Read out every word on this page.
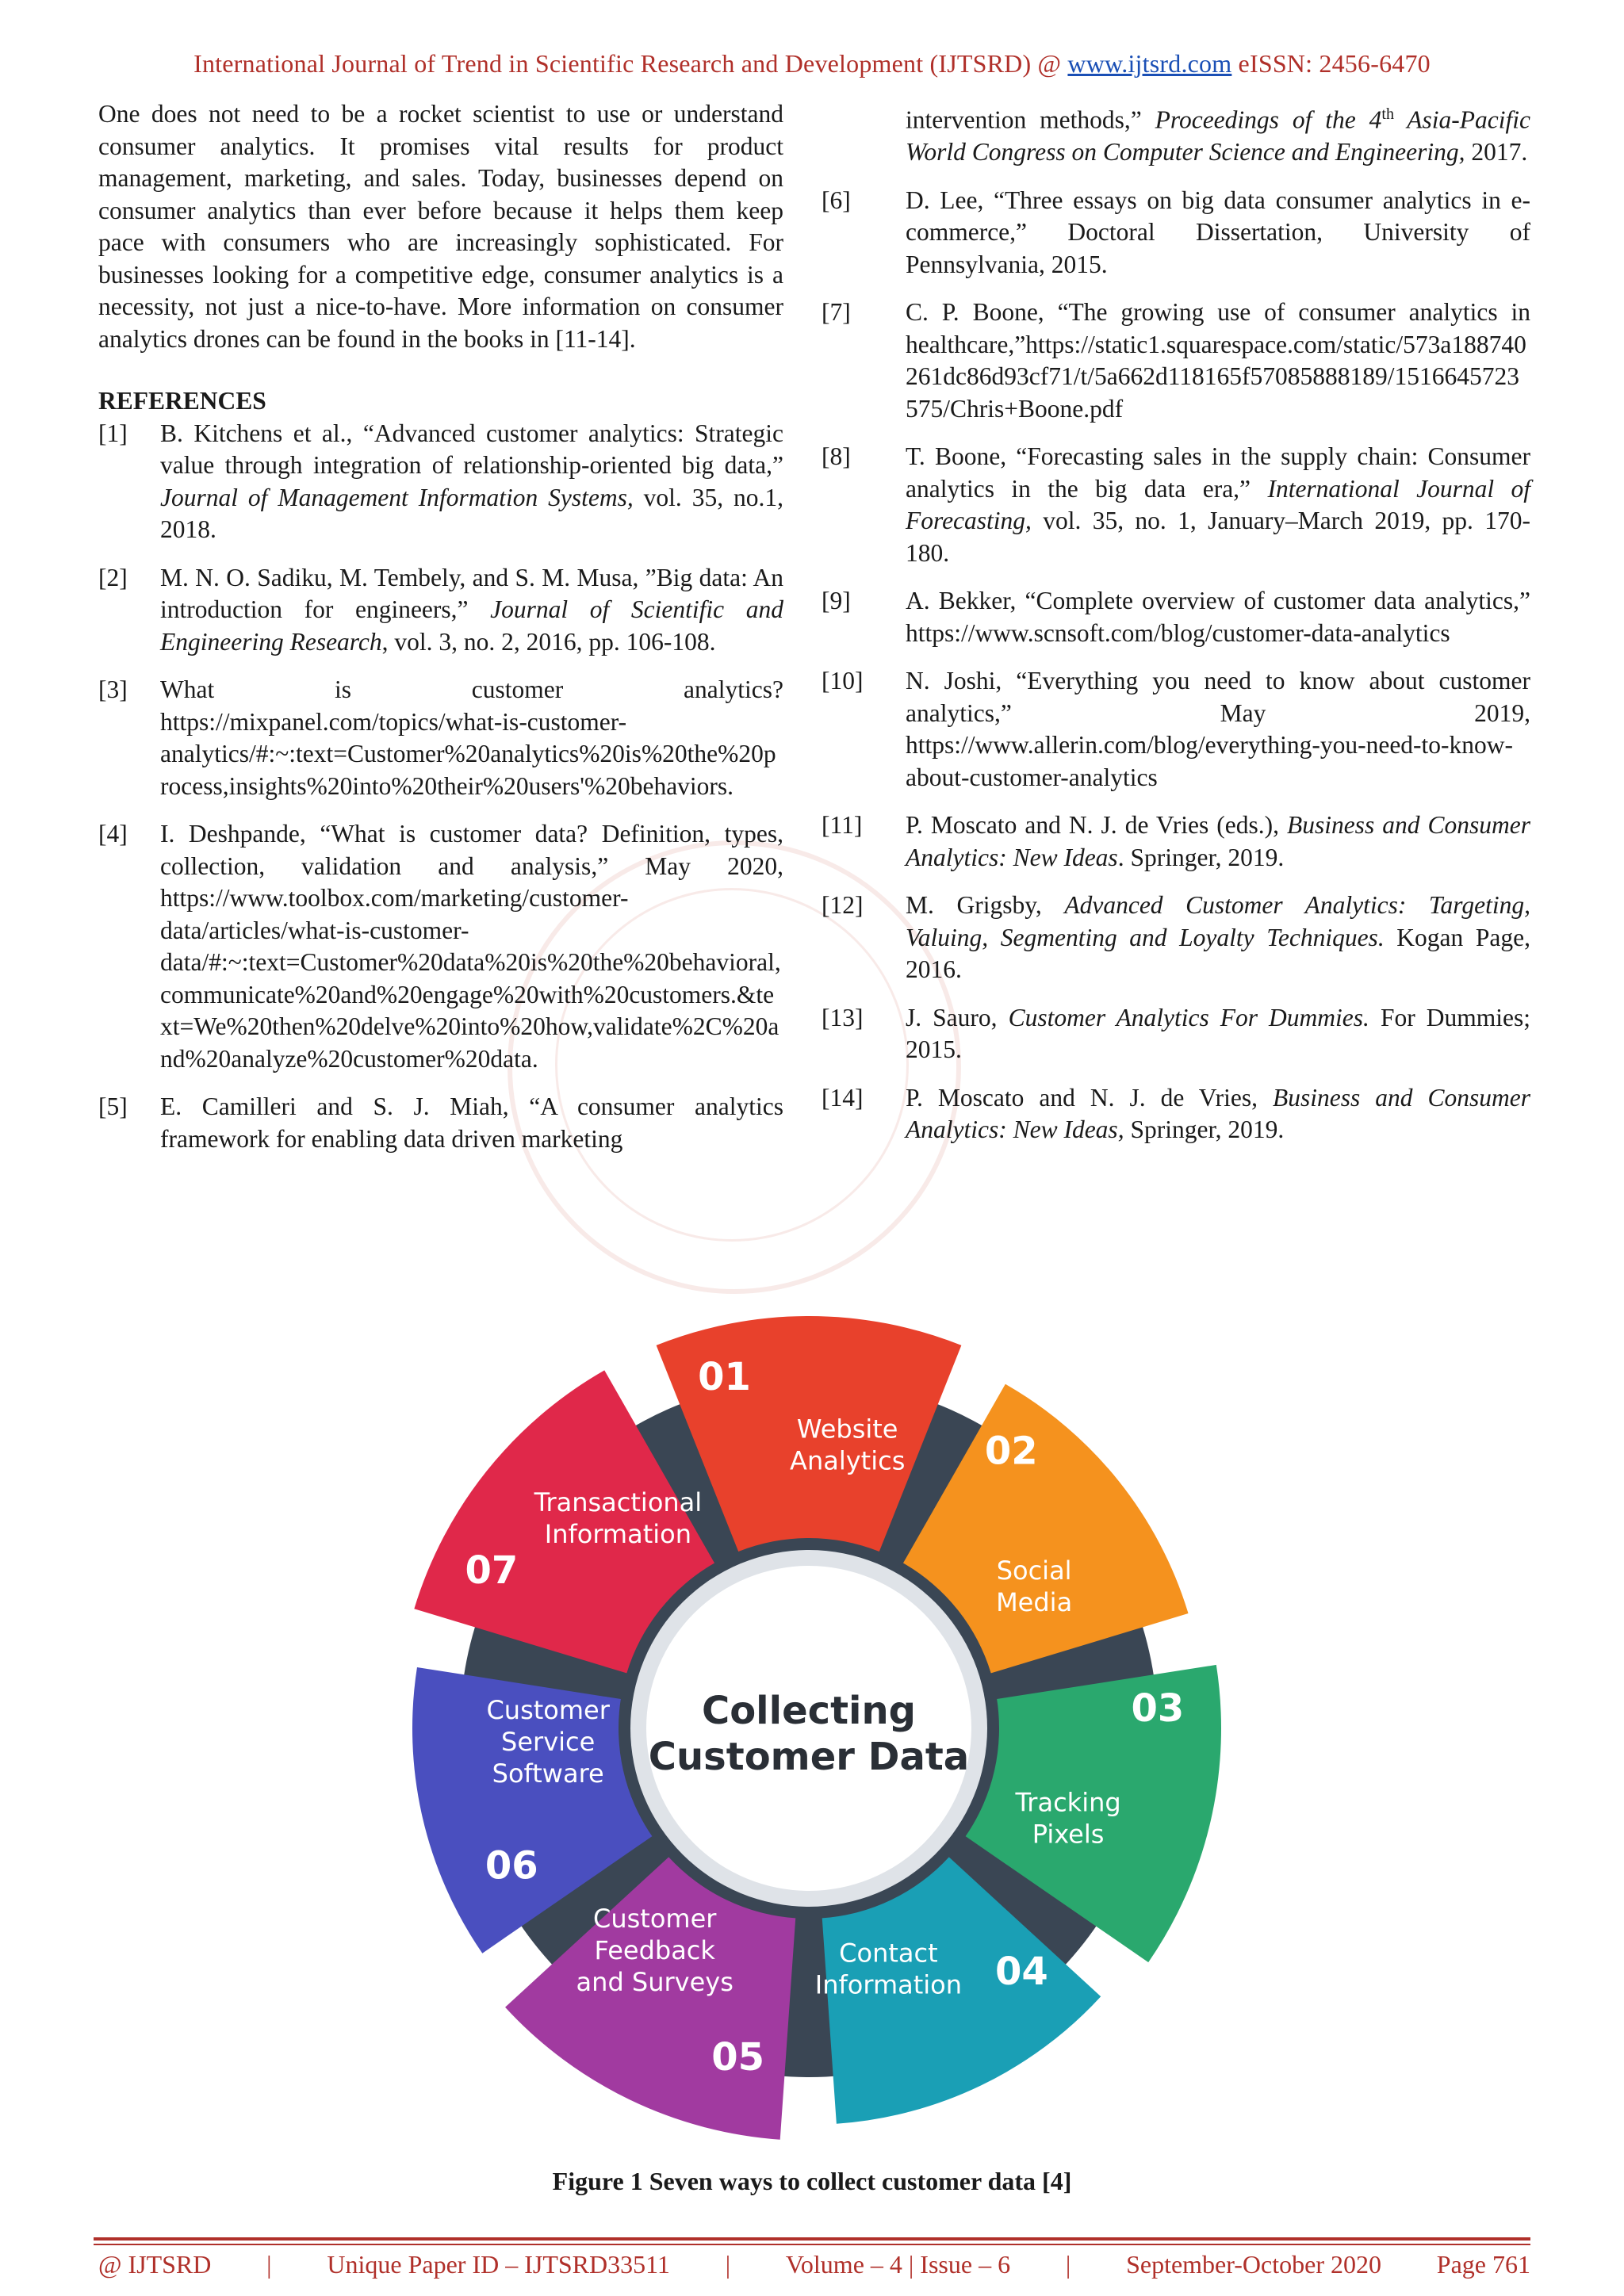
International Journal of Trend in Scientific Research and Development (IJTSRD) @ www.ijtsrd.com eISSN: 2456-6470

One does not need to be a rocket scientist to use or understand consumer analytics. It promises vital results for product management, marketing, and sales. Today, businesses depend on consumer analytics than ever before because it helps them keep pace with consumers who are increasingly sophisticated. For businesses looking for a competitive edge, consumer analytics is a necessity, not just a nice-to-have. More information on consumer analytics drones can be found in the books in [11-14].

REFERENCES
[1]	B. Kitchens et al., “Advanced customer analytics: Strategic value through integration of relationship-oriented big data,” Journal of Management Information Systems, vol. 35, no.1, 2018.
[2]	M. N. O. Sadiku, M. Tembely, and S. M. Musa, ”Big data: An introduction for engineers,” Journal of Scientific and Engineering Research, vol. 3, no. 2, 2016, pp. 106-108.
[3]	What is customer analytics? https://mixpanel.com/topics/what-is-customer-analytics/#:~:text=Customer%20analytics%20is%20the%20process,insights%20into%20their%20users'%20behaviors.
[4]	I. Deshpande, “What is customer data? Definition, types, collection, validation and analysis,” May 2020, https://www.toolbox.com/marketing/customer-data/articles/what-is-customer-data/#:~:text=Customer%20data%20is%20the%20behavioral,communicate%20and%20engage%20with%20customers.&text=We%20then%20delve%20into%20how,validate%2C%20and%20analyze%20customer%20data.
[5]	E. Camilleri and S. J. Miah, “A consumer analytics framework for enabling data driven marketing
intervention methods,” Proceedings of the 4th Asia-Pacific World Congress on Computer Science and Engineering, 2017.
[6]	D. Lee, “Three essays on big data consumer analytics in e-commerce,” Doctoral Dissertation, University of Pennsylvania, 2015.
[7]	C. P. Boone, “The growing use of consumer analytics in healthcare,”https://static1.squarespace.com/static/573a188740261dc86d93cf71/t/5a662d118165f57085888189/1516645723575/Chris+Boone.pdf
[8]	T. Boone, “Forecasting sales in the supply chain: Consumer analytics in the big data era,” International Journal of Forecasting, vol. 35, no. 1, January–March 2019, pp. 170-180.
[9]	A. Bekker, “Complete overview of customer data analytics,” https://www.scnsoft.com/blog/customer-data-analytics
[10]	N. Joshi, “Everything you need to know about customer analytics,” May 2019, https://www.allerin.com/blog/everything-you-need-to-know-about-customer-analytics
[11]	P. Moscato and N. J. de Vries (eds.), Business and Consumer Analytics: New Ideas. Springer, 2019.
[12]	M. Grigsby, Advanced Customer Analytics: Targeting, Valuing, Segmenting and Loyalty Techniques. Kogan Page, 2016.
[13]	J. Sauro, Customer Analytics For Dummies. For Dummies; 2015.
[14]	P. Moscato and N. J. de Vries, Business and Consumer Analytics: New Ideas, Springer, 2019.
01
Website
Analytics 02
Social
Media
03
Tracking
Pixels
04
Contact
Information
05
Customer
Feedback
and Surveys
06
Customer
Service
Software
07
Transactional
Information
Collecting
Customer Data
Figure 1 Seven ways to collect customer data [4]
@ IJTSRD | Unique Paper ID – IJTSRD33511 | Volume – 4 | Issue – 6 | September-October 2020 Page 761
